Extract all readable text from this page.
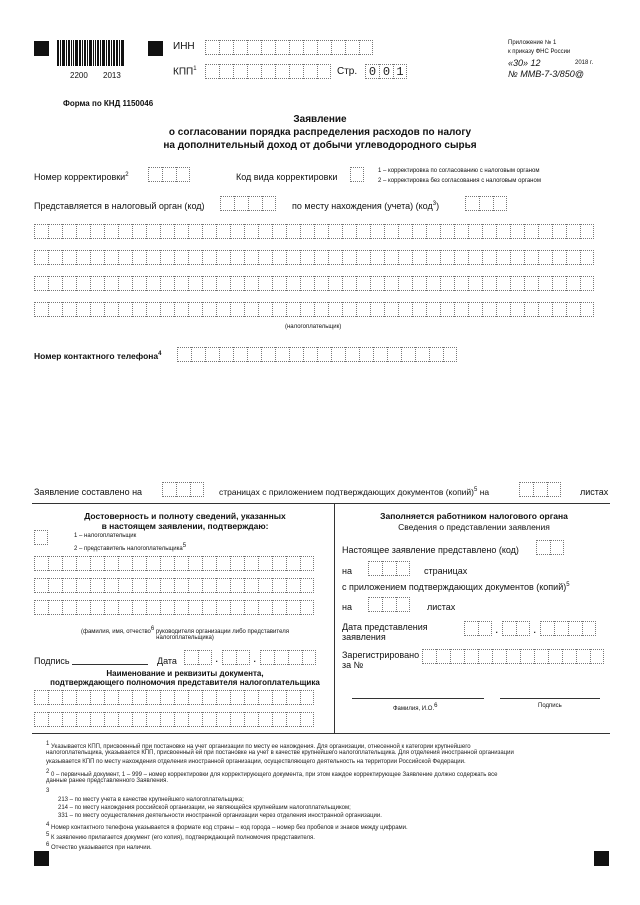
2200 2013
ИНН
КПП$^1$	Стр. 0 0 1
Приложение № 1
к приказу ФНС России
«30» 12	2018 г.
№ ММВ-7-3/850@
Форма по КНД 1150046
Заявление
о согласовании порядка распределения расходов по налогу
на дополнительный доход от добычи углеводородного сырья
Номер корректировки$^2$	Код вида корректировки
1 – корректировка по согласованию с налоговым органом
2 – корректировка без согласования с налоговым органом
Представляется в налоговый орган (код)	по месту нахождения (учета) (код$^3$)
(налогоплательщик)
Номер контактного телефона$^4$
Заявление составлено на	страницах с приложением подтверждающих документов (копий)$^5$ на	листах
Достоверность и полноту сведений, указанных
в настоящем заявлении, подтверждаю:
1 – налогоплательщик
2 – представитель налогоплательщика$^5$
(фамилия, имя, отчество$^6$ руководителя организации либо представителя
налогоплательщика)
Подпись	Дата	.	.
Наименование и реквизиты документа,
подтверждающего полномочия представителя налогоплательщика
Заполняется работником налогового органа
Сведения о представлении заявления
Настоящее заявление представлено (код)
на	страницах
с приложением подтверждающих документов (копий)$^5$
на	листах
Дата представления
заявления
.	.
Зарегистрировано
за №
Фамилия, И.О.$^6$	Подпись
$^1$ Указывается КПП, присвоенный при постановке на учет организации по месту ее нахождения. Для организации, отнесенной к категории крупнейшего
налогоплательщика, указывается КПП, присвоенный ей при постановке на учет в качестве крупнейшего налогоплательщика. Для отделения иностранной организации
указывается КПП по месту нахождения отделения иностранной организации, осуществляющего деятельность на территории Российской Федерации.
$^2$ 0 – первичный документ, 1 – 999 – номер корректировки для корректирующего документа, при этом каждое корректирующее Заявление должно содержать все
данные ранее представленного Заявления.
$^3$
213 – по месту учета в качестве крупнейшего налогоплательщика;
214 – по месту нахождения российской организации, не являющейся крупнейшим налогоплательщиком;
331 – по месту осуществления деятельности иностранной организации через отделения иностранной организации.
$^4$ Номер контактного телефона указывается в формате код страны – код города – номер без пробелов и знаков между цифрами.
$^5$ К заявлению прилагается документ (его копия), подтверждающий полномочия представителя.
$^6$ Отчество указывается при наличии.
